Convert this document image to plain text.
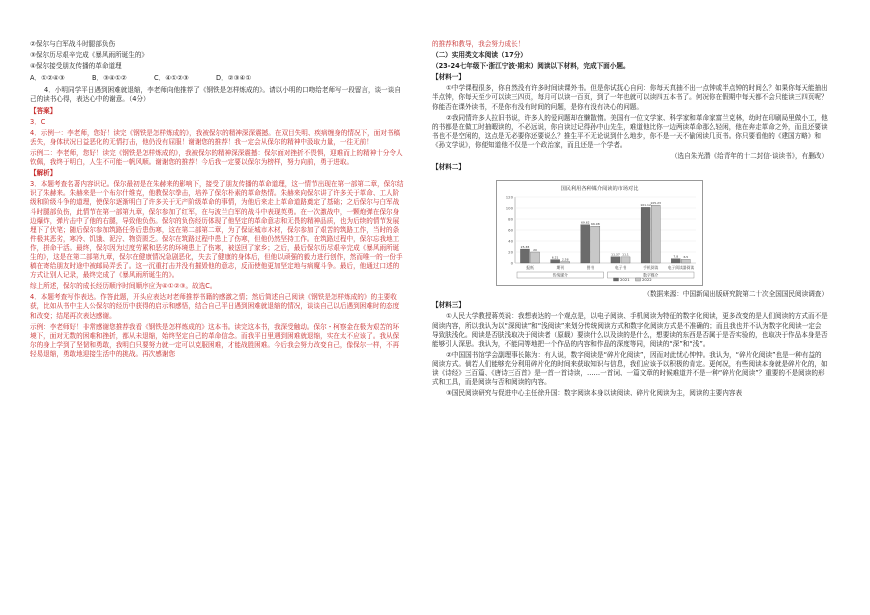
②保尔与白军战斗时腿部负伤

③保尔历尽艰辛完成《暴风雨所诞生的》

④保尔接受朋友传播的革命道理

A．①②④③	B．③④①②	C．④①②③	D．②③④①

4．小明同学平日遇到困难就退缩，李老师向他推荐了《钢铁是怎样炼成的》。请以小明的口吻给老师写一段留言，谈一谈自己的读书心得，表达心中的谢意。（4分）

【答案】

3．C

4．示例一：李老师，您好！读完《钢铁是怎样炼成的》，我被保尔的精神深深震撼。在双目失明、疾病缠身的情况下，面对书稿丢失，身体状况日益恶化的无情打击，他仍没有屈服！谢谢您的推荐！我一定会从保尔的精神中汲取力量，一往无前！

示例二：李老师，您好！读完《钢铁是怎样炼成的》，我被保尔的精神深深震撼：保尔面对挫折不畏惧，迎难而上的精神十分令人钦佩，我终于明白，人生不可能一帆风顺。谢谢您的推荐！今后我一定要以保尔为榜样，努力向前，勇于进取。

【解析】

3．本题考查名著内容识记。保尔最初是在朱赫来的影响下，接受了朋友传播的革命道理，这一情节出现在第一部第二章，保尔结识了朱赫来。朱赫来是一个布尔什维克，他教保尔拳击，培养了保尔朴素的革命热情。朱赫来向保尔讲了许多关于革命、工人阶级和阶级斗争的道理，使保尔逐渐明白了许多关于无产阶级革命的事情，为他后来走上革命道路奠定了基础；之后保尔与白军战斗时腿部负伤，此情节在第一部第九章，保尔参加了红军，在与波兰白军的战斗中表现英勇。在一次激战中，一颗炮弹在保尔身边爆炸，弹片击中了他的右腿，导致他负伤。保尔的负伤经历体现了他坚定的革命意志和无畏的精神品质，也为后续的情节发展埋下了伏笔；随后保尔参加筑路任务后患伤寒，这在第二部第二章，为了保证城市木材，保尔参加了艰苦的筑路工作，当时的条件极其恶劣，寒冷、饥饿、泥泞、物资匮乏。保尔在筑路过程中患上了伤寒，但他仍然坚持工作。在筑路过程中，保尔忘我地工作，拼命干活。最终，保尔因为过度劳累和恶劣的环境患上了伤寒，被送回了家乡；之后，最后保尔历尽艰辛完成《暴风雨所诞生的》，这是在第二部第九章，保尔在健康情况急剧恶化，失去了健康的身体后，但他以顽强的毅力进行创作，然而唯一的一份手稿在寄给朋友时途中被邮局弄丢了。这一沉重打击并没有摧毁他的意志，反而使他更加坚定地与病魔斗争。最后，他通过口述的方式让别人记录，最终完成了《暴风雨所诞生的》。

综上所述，保尔的成长经历顺序时间顺序应为④①②③。故选C。

4．本题考查写作表达。作答此题，开头应表达对老师推荐书籍的感激之情；然后简述自己阅读《钢铁是怎样炼成的》的主要收获，比如从书中主人公保尔的经历中获得的启示和感悟，结合自己平日遇到困难就退缩的情况，谈谈自己以后遇到困难时的态度和改变；结尾再次表达感谢。

示例：李老师好！非常感谢您推荐我看《钢铁是怎样炼成的》这本书。读完这本书，我深受触动。保尔・柯察金在极为艰苦的环境下，面对无数的困难和挫折，都从未退缩，始终坚定自己的革命信念。而我平日里遇到困难就退缩，实在太不应该了。我从保尔的身上学到了坚韧和勇敢，我明白只要努力就一定可以克服困难，才能战胜困难。今后我会努力改变自己，像保尔一样，不再轻易退缩，勇敢地迎接生活中的挑战。再次感谢您

的推荐和教导，我会努力成长！

（二）实用类文本阅读（17分）

（23-24七年级下·浙江宁波·期末）阅读以下材料，完成下面小题。

【材料一】

①中学课程很多，你自然没有许多时间读课外书。但是你试抚心自问：你每天真抽不出一点钟或半点钟的时间么？如果你每天能抽出半点钟，你每天至少可以读三四页，每月可以读一百页，到了一年也就可以读四五本书了。何况你在假期中每天都不会只能读三四页呢？你能否在课外读书，不是你有没有时间的问题，是你有没有决心的问题。

②我同情许多人拉旧书说，许多人的爱问题却在懒散惰。美国有一位文学家、科学家和革命家富兰克林，幼时在印刷局里做小工，他的书都是在做工时抽暇读的，不必远说，你自读过记得孙中山先生，难道他比你一边两读革命那么轻闲，他在奔走革命之外，而且还要读书也不是空闲的，这点是无必要你还要说么？推生平不无论说到什么地步，你不是一天不偷闲读几页书。你只要看他的《建国方略》和《孙文学说》，你便知道他不仅是一个政治家，而且还是一个学者。

（选自朱光潜《给青年的十二封信·谈读书》，有删改）

【材料二】

国民利用各种媒介阅读的市场对比
0
20
40
60
80
100
120
25.38
20
报纸
6.21 2.58
期刊
69.62 66.98
图书
11.37 11.1
电子书
101.12
105.23
手机阅读
7.8 6.5
电子阅读器阅读
传统媒介	数字媒介
2021	2022

（数据来源：中国新闻出版研究院第二十次全国国民阅读调查）

【材料三】

①人民大学教授蒋英说：我想表达的一个观点是，以电子阅读、手机阅读为特征的数字化阅读，更多改变的是人们阅读的方式而不是阅读内容，所以我认为以“深阅读”和“浅阅读”来划分传统阅读方式和数字化阅读方式是不准确的；而且我也并不认为数字化阅读一定会导致肤浅化。阅读是否肤浅取决于阅读者（原载）要读什么以及读的是什么，想要读的东西是否属于是否实验的，也取决于作品本身是否能够引人深思。我认为，不能同等地把一个作品的内容和作品的深度等同，阅读的“深”和“浅”。

②中国国书馆学会副理事长陈为：有人说，数字阅读是“碎片化阅读”，因而对此忧心忡忡。我认为，“碎片化阅读”也是一种有益的阅读方式。倘若人们能够充分利用碎片化的时间来获取知识与信息，我们应该予以积极的肯定。更何况，有些阅读本身就是碎片化的，如读《诗经》三百篇、《唐诗三百首》是一首一首诗读，……一首词、一篇文章的时候难道并不是一种“碎片化阅读”？重要的不是阅读的形式和工具，而是阅读与否和阅读的内容。

③国民阅读研究与促进中心主任徐升国：数字阅读本身以读阅读、碎片化阅读为主，阅读的主要内容表
